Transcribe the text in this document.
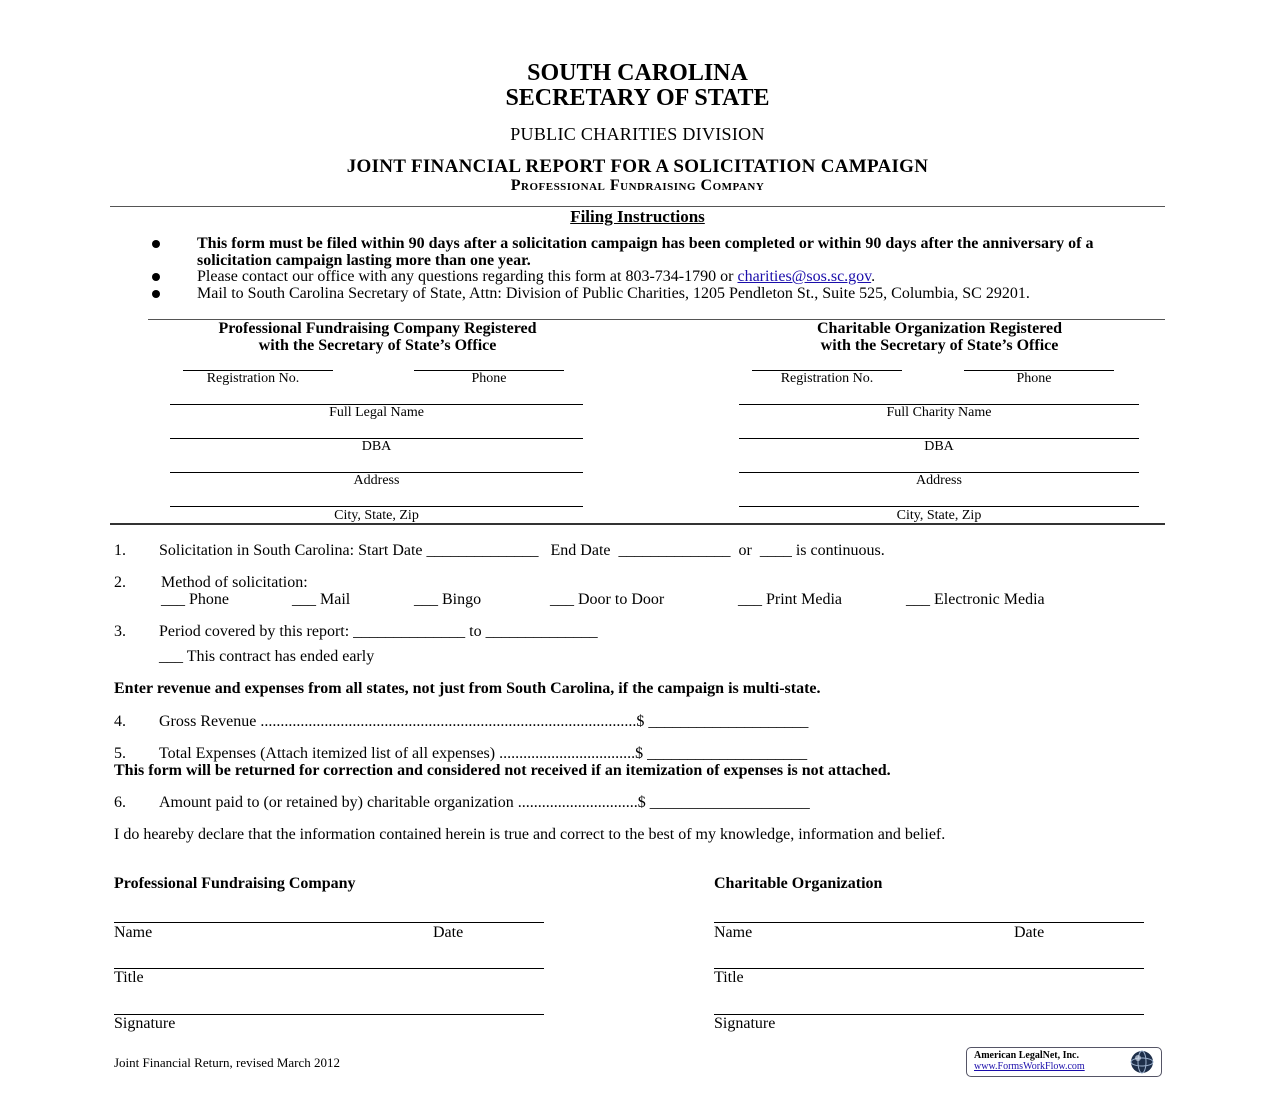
SOUTH CAROLINA
SECRETARY OF STATE
PUBLIC CHARITIES DIVISION
JOINT FINANCIAL REPORT FOR A SOLICITATION CAMPAIGN
Professional Fundraising Company
Filing Instructions
This form must be filed within 90 days after a solicitation campaign has been completed or within 90 days after the anniversary of a solicitation campaign lasting more than one year.
Please contact our office with any questions regarding this form at 803-734-1790 or charities@sos.sc.gov.
Mail to South Carolina Secretary of State, Attn: Division of Public Charities, 1205 Pendleton St., Suite 525, Columbia, SC 29201.
Professional Fundraising Company Registered
with the Secretary of State’s Office
Registration No.	Phone
Full Legal Name
DBA
Address
City, State, Zip
Charitable Organization Registered
with the Secretary of State’s Office
Registration No.	Phone
Full Charity Name
DBA
Address
City, State, Zip
1. Solicitation in South Carolina: Start Date ______________   End Date  ______________  or  ____ is continuous.
2. Method of solicitation:
___ Phone	___ Mail	___ Bingo	___ Door to Door	___ Print Media	___ Electronic Media
3. Period covered by this report: ______________ to ______________
___ This contract has ended early
Enter revenue and expenses from all states, not just from South Carolina, if the campaign is multi-state.
4. Gross Revenue ..............................................................................................$ ____________________
5. Total Expenses (Attach itemized list of all expenses) ..................................$ ____________________
This form will be returned for correction and considered not received if an itemization of expenses is not attached.
6. Amount paid to (or retained by) charitable organization ..............................$ ____________________
I do heareby declare that the information contained herein is true and correct to the best of my knowledge, information and belief.
Professional Fundraising Company	Charitable Organization
Name	Date
Title
Signature
Name	Date
Title
Signature
Joint Financial Return, revised March 2012	American LegalNet, Inc.
www.FormsWorkFlow.com
